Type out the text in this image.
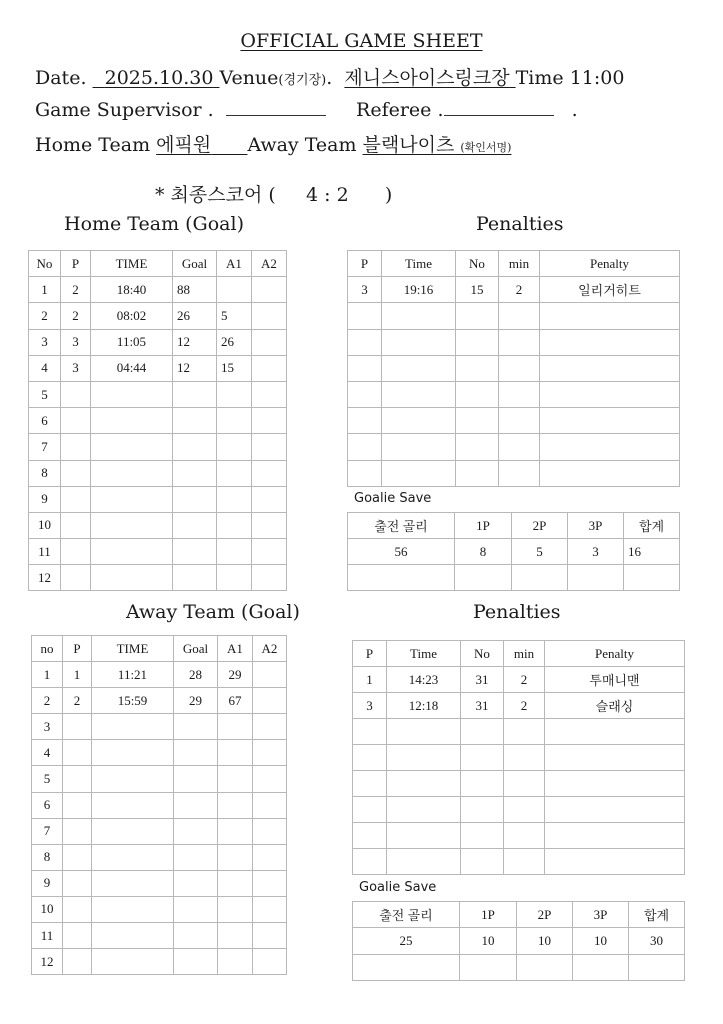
OFFICIAL GAME SHEET
Date. 2025.10.30 Venue(경기장). 제니스아이스링크장 Time 11:00
Game Supervisor .	Referee .	.
Home Team 에픽원 Away Team 블랙나이츠 (확인서명)
* 최종스코어 ( 4 : 2 )
Home Team (Goal)	Penalties
Away Team (Goal)	Penalties
No	P	TIME	Goal	A1	A2
1	2	18:40	88		
2	2	08:02	26	5	
3	3	11:05	12	26	
4	3	04:44	12	15	
5					
6					
7					
8					
9					
10					
11					
12					
P	Time	No	min	Penalty
3	19:16	15	2	일리거히트

Goalie Save
출전 골리	1P	2P	3P	합계
56	8	5	3	16

no	P	TIME	Goal	A1	A2
1	1	11:21	28	29	
2	2	15:59	29	67	
3					
4					
5					
6					
7					
8					
9					
10					
11					
12					
P	Time	No	min	Penalty
1	14:23	31	2	투매니맨
3	12:18	31	2	슬래싱

Goalie Save
출전 골리	1P	2P	3P	합계
25	10	10	10	30
